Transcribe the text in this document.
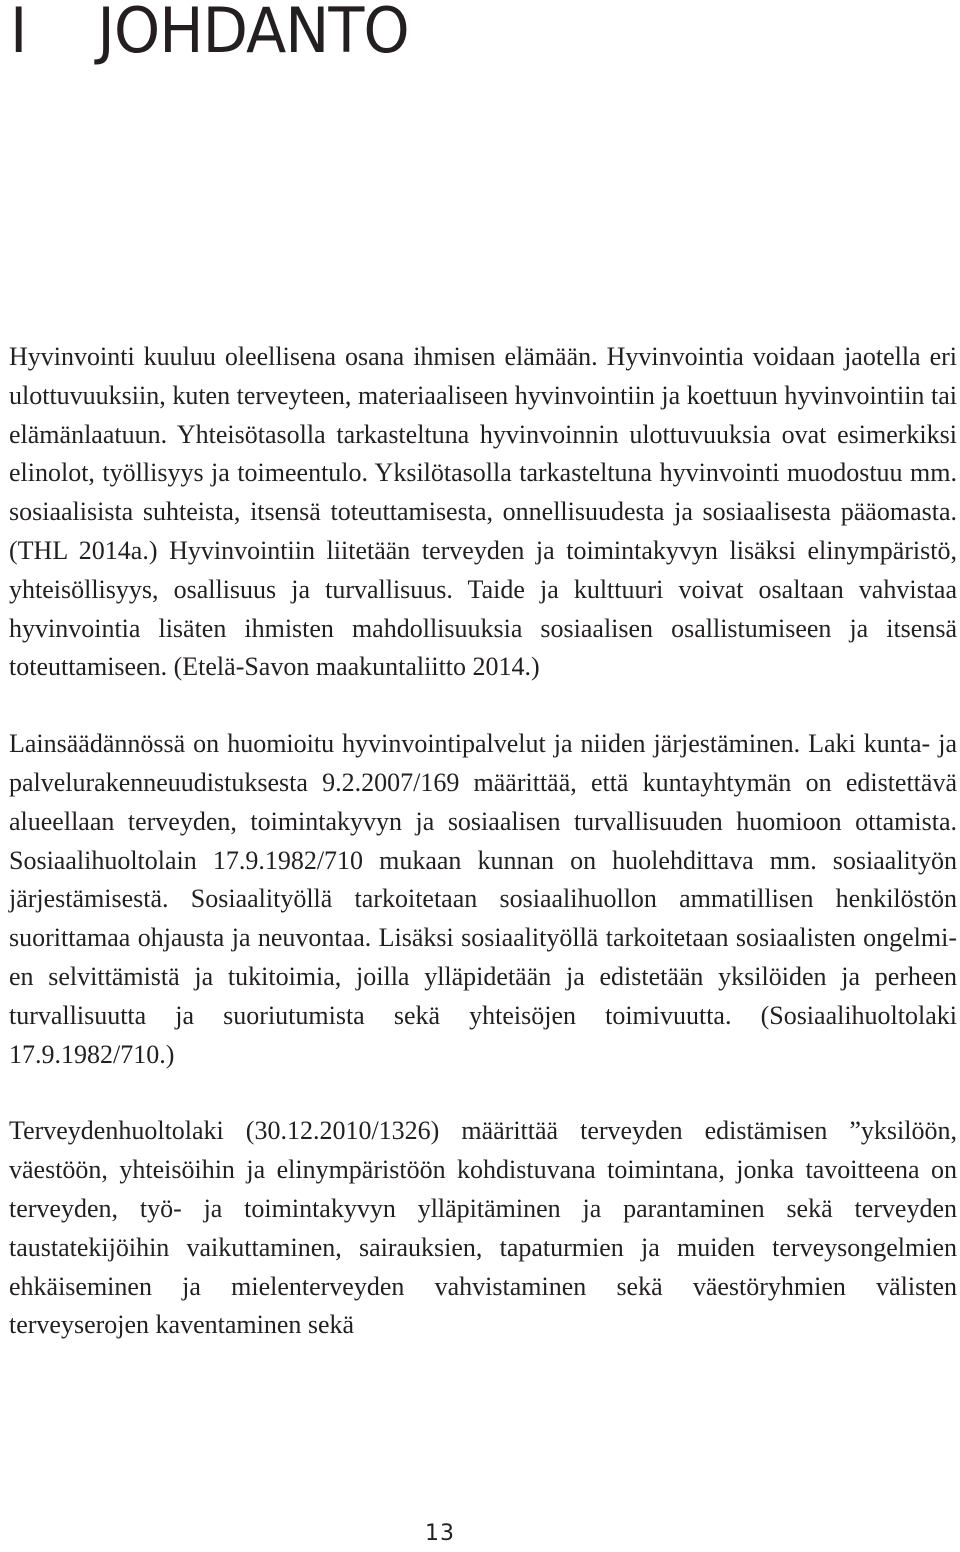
I JOHDANTO

Hyvinvointi kuuluu oleellisena osana ihmisen elämään. Hyvinvointia voidaan jaotella eri ulottuvuuksiin, kuten terveyteen, materiaaliseen hyvinvointiin ja koettuun hyvinvointiin tai elämänlaatuun. Yhteisötasolla tarkasteltuna hyvinvoinnin ulottuvuuksia ovat esimerkiksi elinolot, työllisyys ja toimeentulo. Yksilötasolla tarkasteltuna hyvinvointi muodostuu mm. sosiaalisista suhteista, itsensä toteuttamisesta, onnellisuudesta ja sosiaalisesta pääomasta. (THL 2014a.) Hyvinvointiin liitetään terveyden ja toimintakyvyn lisäksi elinympäristö, yhteisöllisyys, osallisuus ja turvallisuus. Taide ja kulttuuri voivat osaltaan vahvistaa hyvinvointia lisäten ihmisten mahdollisuuksia sosiaalisen osallistumiseen ja itsensä toteuttamiseen. (Etelä-Savon maakuntaliitto 2014.)

Lainsäädännössä on huomioitu hyvinvointipalvelut ja niiden järjestäminen. Laki kunta- ja palvelurakenneuudistuksesta 9.2.2007/169 määrittää, että kuntayhtymän on edistettävä alueellaan terveyden, toimintakyvyn ja sosiaalisen turvallisuuden huomioon ottamista. Sosiaalihuoltolain 17.9.1982/710 mukaan kunnan on huolehdittava mm. sosiaalityön järjestämisestä. Sosiaalityöllä tarkoitetaan sosiaalihuollon ammatillisen henkilöstön suorittamaa ohjausta ja neuvontaa. Lisäksi sosiaalityöllä tarkoitetaan sosiaalisten ongelmien selvittämistä ja tukitoimia, joilla ylläpidetään ja edistetään yksilöiden ja perheen turvallisuutta ja suoriutumista sekä yhteisöjen toimivuutta. (Sosiaalihuoltolaki 17.9.1982/710.)

Terveydenhuoltolaki (30.12.2010/1326) määrittää terveyden edistämisen ”yksilöön, väestöön, yhteisöihin ja elinympäristöön kohdistuvana toimintana, jonka tavoitteena on terveyden, työ- ja toimintakyvyn ylläpitäminen ja parantaminen sekä terveyden taustatekijöihin vaikuttaminen, sairauksien, tapaturmien ja muiden terveysongelmien ehkäiseminen ja mielenterveyden vahvistaminen sekä väestöryhmien välisten terveyserojen kaventaminen sekä

13
